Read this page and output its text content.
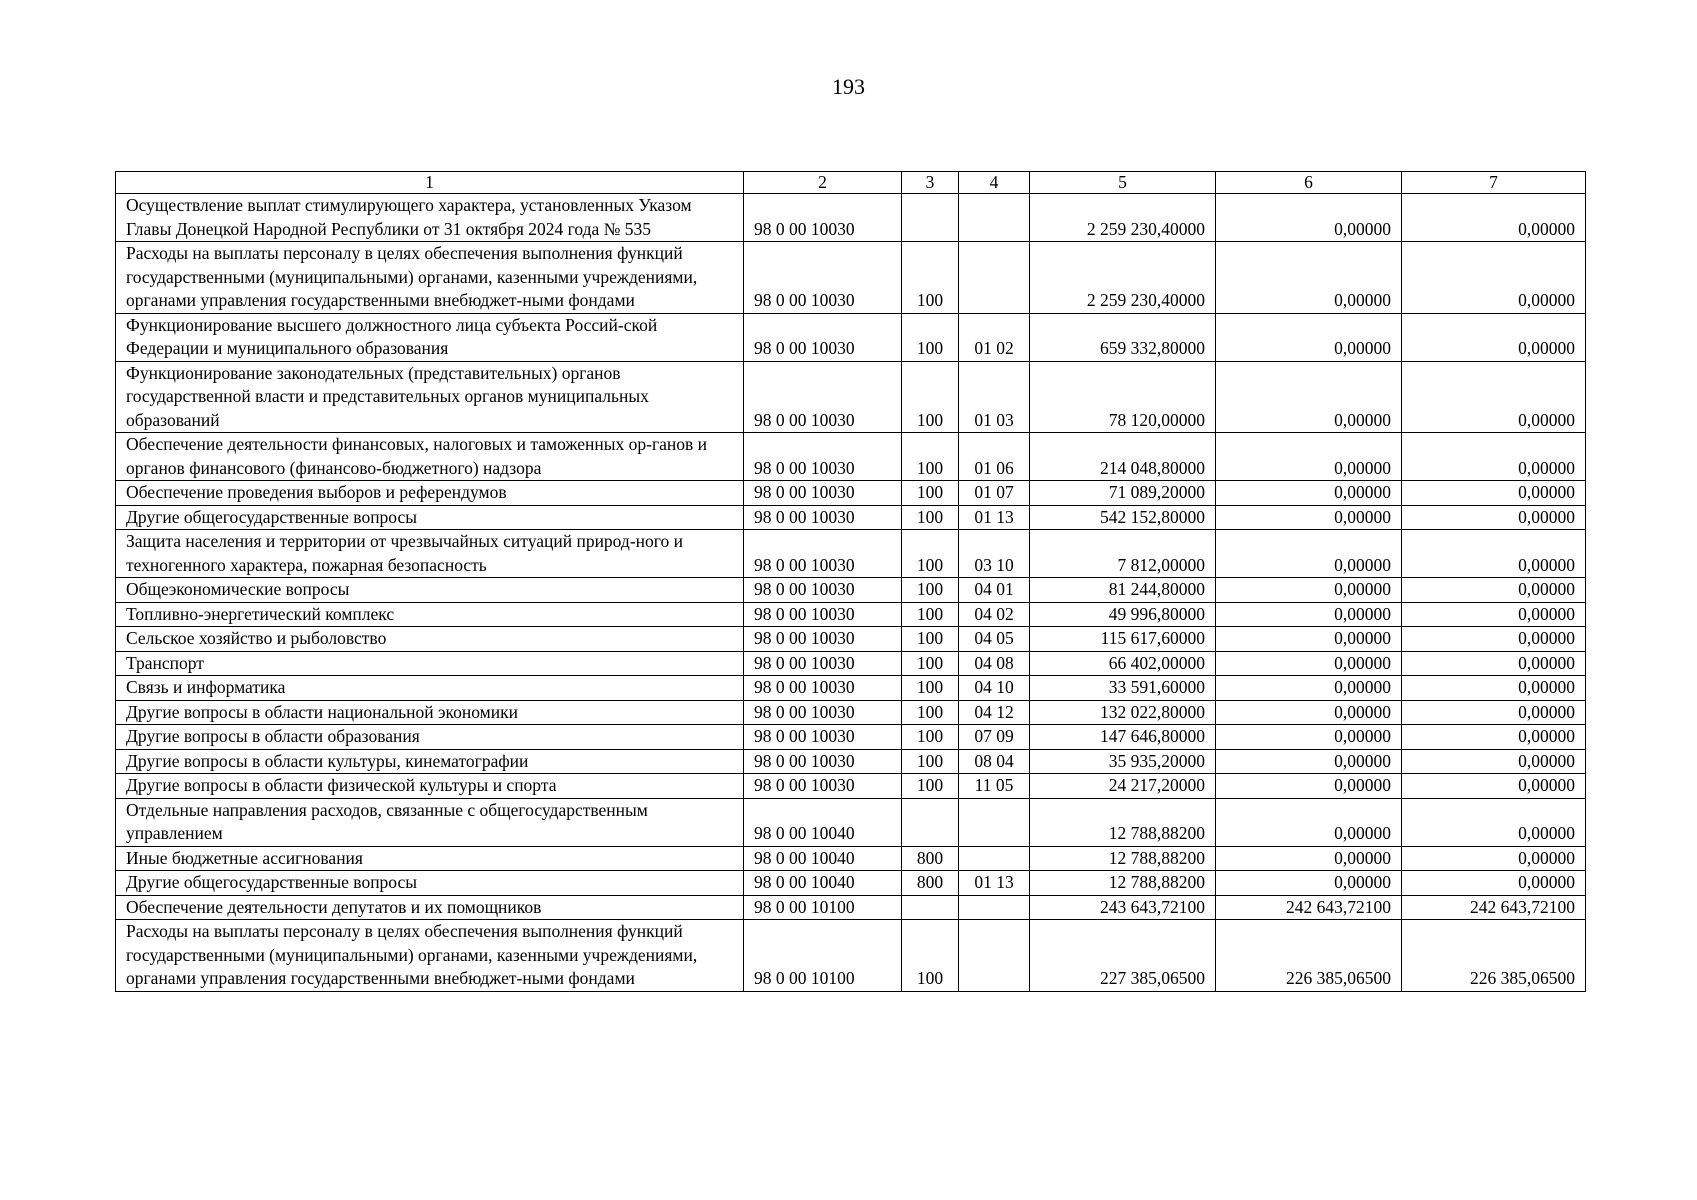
193
1	2	3	4	5	6	7
Осуществление выплат стимулирующего характера, установленных Указом Главы Донецкой Народной Республики от 31 октября 2024 года № 535	98 0 00 10030			2 259 230,40000	0,00000	0,00000
Расходы на выплаты персоналу в целях обеспечения выполнения функций государственными (муниципальными) органами, казенными учреждениями, органами управления государственными внебюджет-ными фондами	98 0 00 10030	100		2 259 230,40000	0,00000	0,00000
Функционирование высшего должностного лица субъекта Россий-ской Федерации и муниципального образования	98 0 00 10030	100	01 02	659 332,80000	0,00000	0,00000
Функционирование законодательных (представительных) органов государственной власти и представительных органов муниципальных образований	98 0 00 10030	100	01 03	78 120,00000	0,00000	0,00000
Обеспечение деятельности финансовых, налоговых и таможенных ор-ганов и органов финансового (финансово-бюджетного) надзора	98 0 00 10030	100	01 06	214 048,80000	0,00000	0,00000
Обеспечение проведения выборов и референдумов	98 0 00 10030	100	01 07	71 089,20000	0,00000	0,00000
Другие общегосударственные вопросы	98 0 00 10030	100	01 13	542 152,80000	0,00000	0,00000
Защита населения и территории от чрезвычайных ситуаций природ-ного и техногенного характера, пожарная безопасность	98 0 00 10030	100	03 10	7 812,00000	0,00000	0,00000
Общеэкономические вопросы	98 0 00 10030	100	04 01	81 244,80000	0,00000	0,00000
Топливно-энергетический комплекс	98 0 00 10030	100	04 02	49 996,80000	0,00000	0,00000
Сельское хозяйство и рыболовство	98 0 00 10030	100	04 05	115 617,60000	0,00000	0,00000
Транспорт	98 0 00 10030	100	04 08	66 402,00000	0,00000	0,00000
Связь и информатика	98 0 00 10030	100	04 10	33 591,60000	0,00000	0,00000
Другие вопросы в области национальной экономики	98 0 00 10030	100	04 12	132 022,80000	0,00000	0,00000
Другие вопросы в области образования	98 0 00 10030	100	07 09	147 646,80000	0,00000	0,00000
Другие вопросы в области культуры, кинематографии	98 0 00 10030	100	08 04	35 935,20000	0,00000	0,00000
Другие вопросы в области физической культуры и спорта	98 0 00 10030	100	11 05	24 217,20000	0,00000	0,00000
Отдельные направления расходов, связанные с общегосударственным управлением	98 0 00 10040			12 788,88200	0,00000	0,00000
Иные бюджетные ассигнования	98 0 00 10040	800		12 788,88200	0,00000	0,00000
Другие общегосударственные вопросы	98 0 00 10040	800	01 13	12 788,88200	0,00000	0,00000
Обеспечение деятельности депутатов и их помощников	98 0 00 10100			243 643,72100	242 643,72100	242 643,72100
Расходы на выплаты персоналу в целях обеспечения выполнения функций государственными (муниципальными) органами, казенными учреждениями, органами управления государственными внебюджет-ными фондами	98 0 00 10100	100		227 385,06500	226 385,06500	226 385,06500
